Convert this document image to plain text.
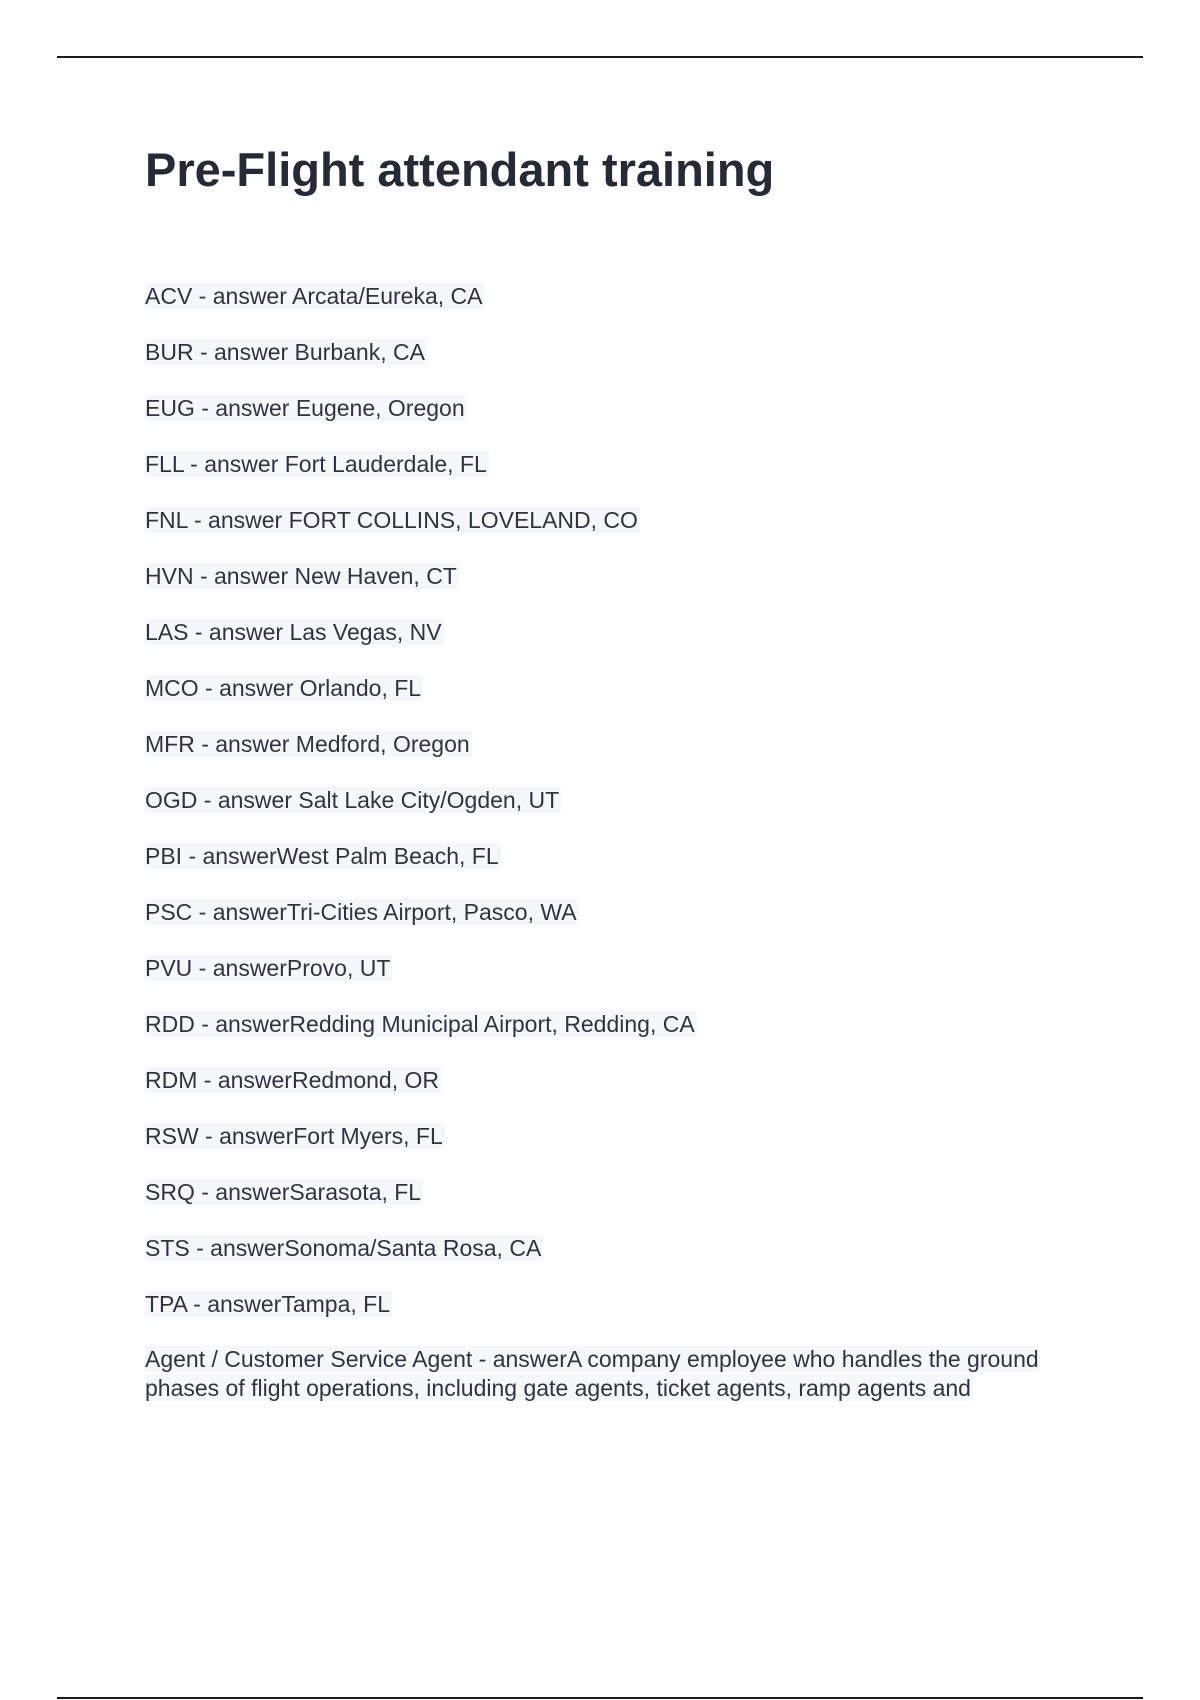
Pre-Flight attendant training
ACV - answer Arcata/Eureka, CA
BUR - answer Burbank, CA
EUG - answer Eugene, Oregon
FLL - answer Fort Lauderdale, FL
FNL - answer FORT COLLINS, LOVELAND, CO
HVN - answer New Haven, CT
LAS - answer Las Vegas, NV
MCO - answer Orlando, FL
MFR - answer Medford, Oregon
OGD - answer Salt Lake City/Ogden, UT
PBI - answerWest Palm Beach, FL
PSC - answerTri-Cities Airport, Pasco, WA
PVU - answerProvo, UT
RDD - answerRedding Municipal Airport, Redding, CA
RDM - answerRedmond, OR
RSW - answerFort Myers, FL
SRQ - answerSarasota, FL
STS - answerSonoma/Santa Rosa, CA
TPA - answerTampa, FL
Agent / Customer Service Agent - answerA company employee who handles the ground phases of flight operations, including gate agents, ticket agents, ramp agents and
